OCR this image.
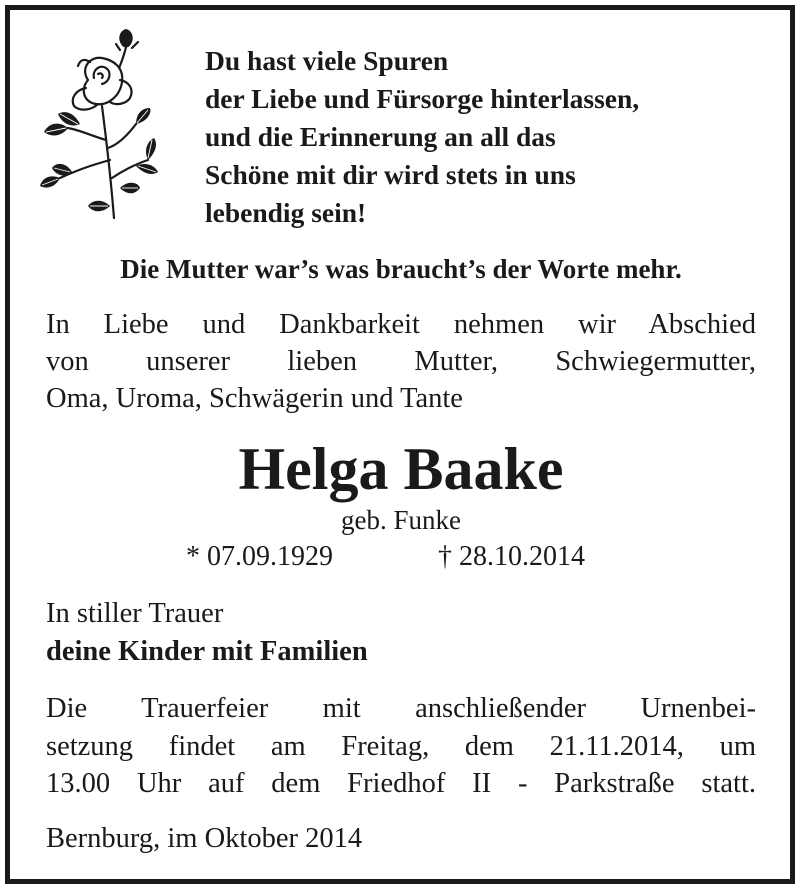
Du hast viele Spuren
der Liebe und Fürsorge hinterlassen,
und die Erinnerung an all das
Schöne mit dir wird stets in uns
lebendig sein!
Die Mutter war’s was braucht’s der Worte mehr.
In Liebe und Dankbarkeit nehmen wir Abschied
von unserer lieben Mutter, Schwiegermutter,
Oma, Uroma, Schwägerin und Tante
Helga Baake
geb. Funke
* 07.09.1929	† 28.10.2014
In stiller Trauer
deine Kinder mit Familien
Die Trauerfeier mit anschließender Urnenbei-
setzung findet am Freitag, dem 21.11.2014, um
13.00 Uhr auf dem Friedhof II - Parkstraße statt.
Bernburg, im Oktober 2014
